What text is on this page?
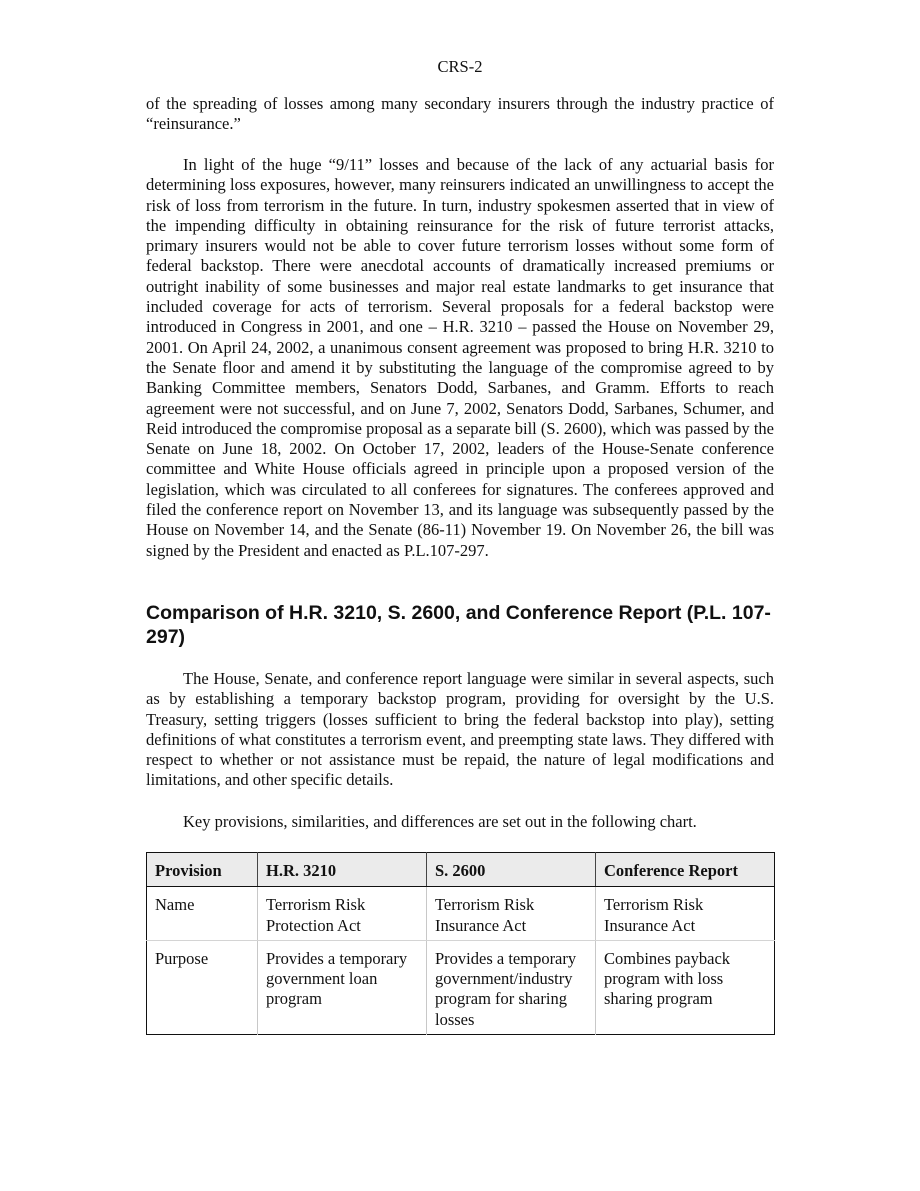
CRS-2

of the spreading of losses among many secondary insurers through the industry practice of “reinsurance.”

In light of the huge “9/11” losses and because of the lack of any actuarial basis for determining loss exposures, however, many reinsurers indicated an unwillingness to accept the risk of loss from terrorism in the future. In turn, industry spokesmen asserted that in view of the impending difficulty in obtaining reinsurance for the risk of future terrorist attacks, primary insurers would not be able to cover future terrorism losses without some form of federal backstop. There were anecdotal accounts of dramatically increased premiums or outright inability of some businesses and major real estate landmarks to get insurance that included coverage for acts of terrorism. Several proposals for a federal backstop were introduced in Congress in 2001, and one – H.R. 3210 – passed the House on November 29, 2001. On April 24, 2002, a unanimous consent agreement was proposed to bring H.R. 3210 to the Senate floor and amend it by substituting the language of the compromise agreed to by Banking Committee members, Senators Dodd, Sarbanes, and Gramm. Efforts to reach agreement were not successful, and on June 7, 2002, Senators Dodd, Sarbanes, Schumer, and Reid introduced the compromise proposal as a separate bill (S. 2600), which was passed by the Senate on June 18, 2002. On October 17, 2002, leaders of the House-Senate conference committee and White House officials agreed in principle upon a proposed version of the legislation, which was circulated to all conferees for signatures. The conferees approved and filed the conference report on November 13, and its language was subsequently passed by the House on November 14, and the Senate (86-11) November 19. On November 26, the bill was signed by the President and enacted as P.L.107-297.

Comparison of H.R. 3210, S. 2600, and Conference Report (P.L. 107-297)

The House, Senate, and conference report language were similar in several aspects, such as by establishing a temporary backstop program, providing for oversight by the U.S. Treasury, setting triggers (losses sufficient to bring the federal backstop into play), setting definitions of what constitutes a terrorism event, and preempting state laws. They differed with respect to whether or not assistance must be repaid, the nature of legal modifications and limitations, and other specific details.

Key provisions, similarities, and differences are set out in the following chart.

Provision	H.R. 3210	S. 2600	Conference Report
Name	Terrorism Risk Protection Act	Terrorism Risk Insurance Act	Terrorism Risk Insurance Act
Purpose	Provides a temporary government loan program	Provides a temporary government/industry program for sharing losses	Combines payback program with loss sharing program
